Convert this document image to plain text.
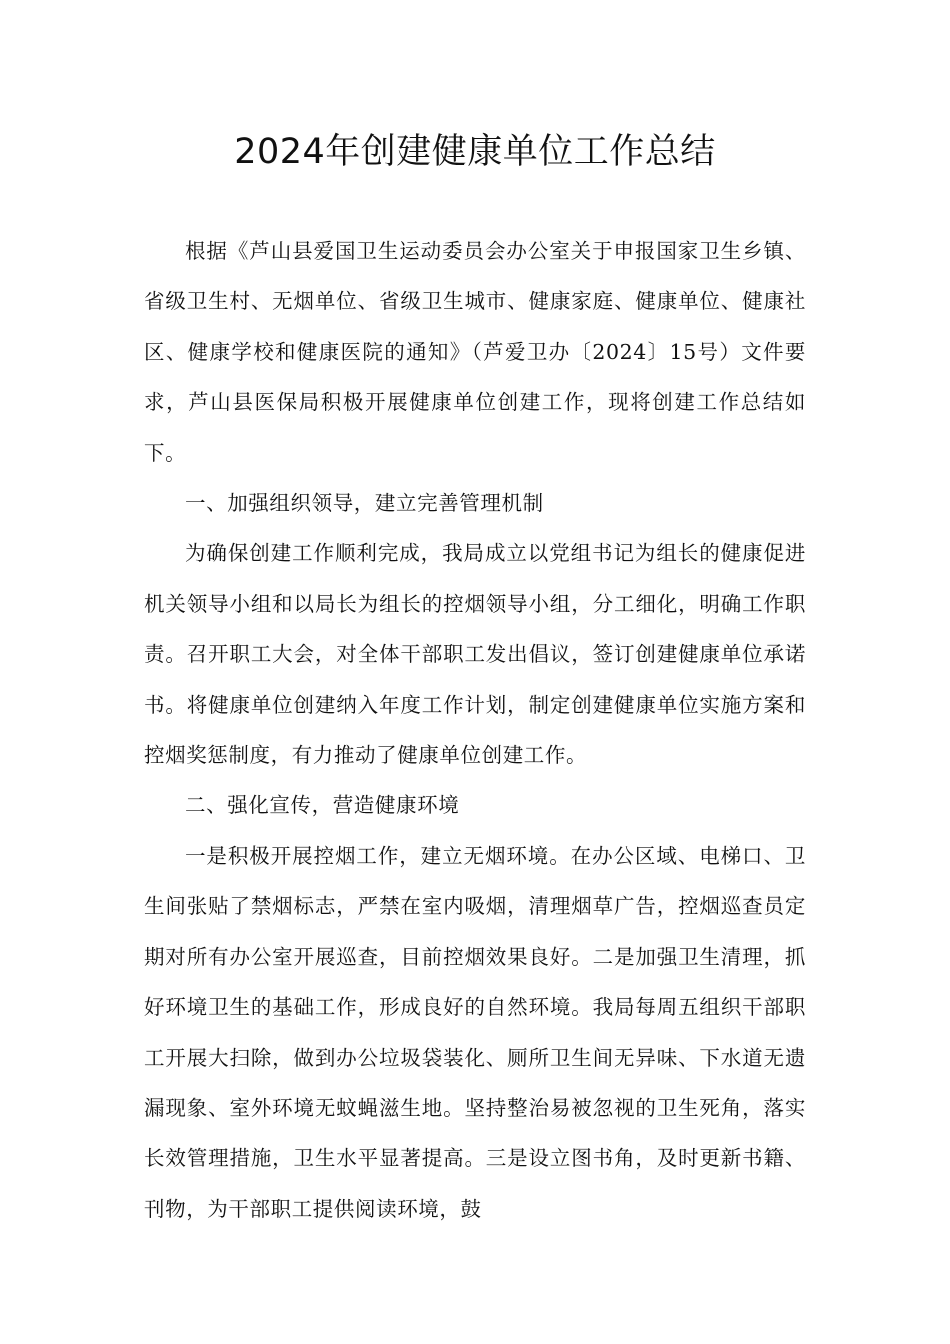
2024年创建健康单位工作总结

根据《芦山县爱国卫生运动委员会办公室关于申报国家卫生乡镇、省级卫生村、无烟单位、省级卫生城市、健康家庭、健康单位、健康社区、健康学校和健康医院的通知》（芦爱卫办〔2024〕15号）文件要求，芦山县医保局积极开展健康单位创建工作，现将创建工作总结如下。

一、加强组织领导，建立完善管理机制

为确保创建工作顺利完成，我局成立以党组书记为组长的健康促进机关领导小组和以局长为组长的控烟领导小组，分工细化，明确工作职责。召开职工大会，对全体干部职工发出倡议，签订创建健康单位承诺书。将健康单位创建纳入年度工作计划，制定创建健康单位实施方案和控烟奖惩制度，有力推动了健康单位创建工作。

二、强化宣传，营造健康环境

一是积极开展控烟工作，建立无烟环境。在办公区域、电梯口、卫生间张贴了禁烟标志，严禁在室内吸烟，清理烟草广告，控烟巡查员定期对所有办公室开展巡查，目前控烟效果良好。二是加强卫生清理，抓好环境卫生的基础工作，形成良好的自然环境。我局每周五组织干部职工开展大扫除，做到办公垃圾袋装化、厕所卫生间无异味、下水道无遗漏现象、室外环境无蚊蝇滋生地。坚持整治易被忽视的卫生死角，落实长效管理措施，卫生水平显著提高。三是设立图书角，及时更新书籍、刊物，为干部职工提供阅读环境，鼓
